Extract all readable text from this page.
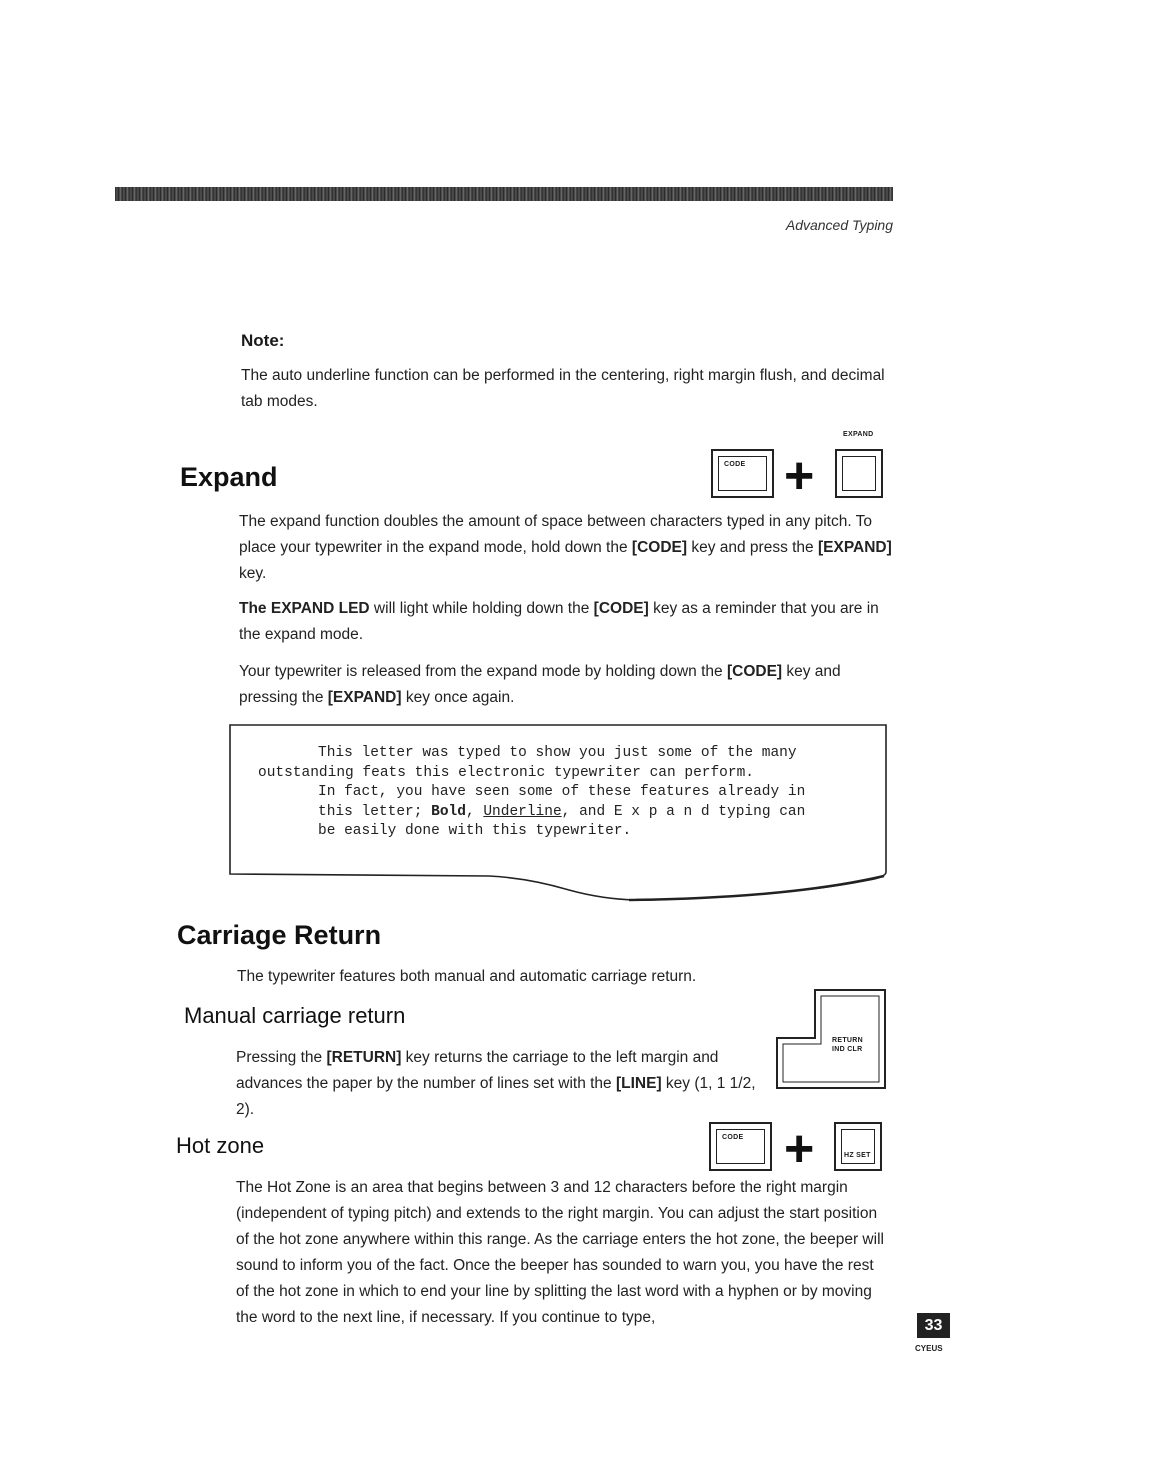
Advanced Typing
Note:
The auto underline function can be performed in the centering, right margin flush, and decimal tab modes.
Expand
EXPAND
CODE +
The expand function doubles the amount of space between characters typed in any pitch. To place your typewriter in the expand mode, hold down the [CODE] key and press the [EXPAND] key.
The EXPAND LED will light while holding down the [CODE] key as a reminder that you are in the expand mode.
Your typewriter is released from the expand mode by holding down the [CODE] key and pressing the [EXPAND] key once again.
This letter was typed to show you just some of the many
outstanding feats this electronic typewriter can perform.
In fact, you have seen some of these features already in
this letter; Bold, Underline, and E x p a n d typing can
be easily done with this typewriter.
Carriage Return
The typewriter features both manual and automatic carriage return.
Manual carriage return
Pressing the [RETURN] key returns the carriage to the left margin and advances the paper by the number of lines set with the [LINE] key (1, 1 1/2, 2).
RETURN
IND CLR
Hot zone	CODE +	HZ SET
The Hot Zone is an area that begins between 3 and 12 characters before the right margin (independent of typing pitch) and extends to the right margin. You can adjust the start position of the hot zone anywhere within this range. As the carriage enters the hot zone, the beeper will sound to inform you of the fact. Once the beeper has sounded to warn you, you have the rest of the hot zone in which to end your line by splitting the last word with a hyphen or by moving the word to the next line, if necessary. If you continue to type,	33
CYEUS
